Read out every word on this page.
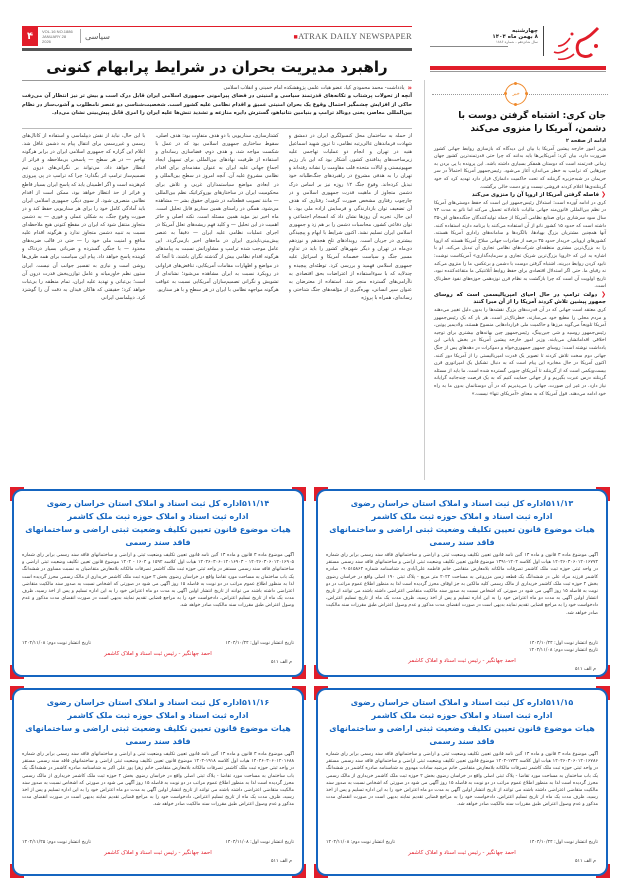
۴	VOL.16 NO.1886
JANUARY 28 2026
سیاسی	■ATRAK DAILY NEWSPAPER	چهارشنبه
۸ بهمن ماه ۱۴۰۴
سال شانزدهم - شماره ۱۸۸۶
راهبرد مدیریت بحران در شرایط پرابهام کنونی
«
یادداشت- محمد محمودی کیا، عضو هیات علمی پژوهشکده امام خمینی و انقلاب اسلامی

آنچه از تحولات پرشتاب و تکانه‌های قدرتمند سیاسی و امنیتی در فضای پیرامونی جمهوری اسلامی ایران قابل درک است و بیش تر نیز انتظار آن می‌رفت حاکی از افزایش چشمگیر احتمال وقوع یک بحران امنیتی عمیق و اقدام نظامی علیه کشور است. شخصیت‌شناسی دو عنصر نامطلوب و آشوب‌ساز در نظام بین‌المللی معاصر، یعنی دونالد ترامپ و بنیامین نتانیاهو، گسترش دایره منازعه و تشدید تنش‌ها علیه ایران را امری قابل پیش‌بینی نشان می‌داد.

از حمله به ساختمان محل کنسولگری ایران در دمشق و شهادت فرماندهان عالی‌رتبه نظامی، تا ترور شهید اسماعیل هنیه در تهران و انجام دو عملیات تهاجمی علیه زیرساخت‌های پدافندی کشور، آشکار بود که این بار رژیم صهیونیستی و ایالات متحده قلب مقاومت را نشانه رفته‌اند و تهران را به هدفی مشروع در راهبردهای جنگ‌طلبانه خود تبدیل کرده‌اند. وقوع جنگ ۱۲ روزه نیز بر اساس درک دشمن متجاوز از ماهیت قدرت جمهوری اسلامی و در چارچوب رفتاری مشخص صورت گرفت؛ رفتاری که هدف آن تضعیف توان بازدارندگی و فرسایش اراده ملی بود. با این حال، تجربه آن روزها نشان داد که انسجام اجتماعی و توان دفاعی کشور، محاسبات دشمن را بر هم زد و جمهوری اسلامی ایران تسلیم نشد. اکنون شرایط با ابهام و پیچیدگی بیشتری در جریان است. رویدادهای تلخ هجدهم و نوزدهم دی‌ماه در تهران و دیگر شهرهای کشور را باید در تداوم مسیر جنگ و سیاست خصمانه آمریکا و اسرائیل علیه جمهوری اسلامی فهمید و بررسی کرد. توطئه‌ای پیچیده و چندلایه که با سوءاستفاده از اعتراضات بحق اقتصادی به ناآرامی‌های گسترده منجر شد. استفاده از معترضان به عنوان سپر انسانی، بهره‌گیری از مؤلفه‌های جنگ شناختی و رسانه‌ای، همراه با پروژه

کشتارسازی، سناریویی با دو هدف متفاوت بود: هدف اصلی، سقوط ساختاری جمهوری اسلامی بود که در عمل با شکست مواجه شد، و هدف دوم، فضاسازی رسانه‌ای و استفاده از ظرفیت نهادهای بین‌المللی برای تسهیل ایجاد اجماع جهانی علیه ایران به عنوان مقدمه‌ای برای اقدام نظامی مشروع علیه آن. آنچه امروز در سطح بین‌المللی و در ابعادی مواضع سیاستمداران غربی و تلاش برای محکومیت ایران در ساختارهای بوروکراتیک نظم بین‌المللی — مانند تصویب قطعنامه در شورای حقوق بشر — مشاهده می‌شود، همگی در راستای همین سناریو قابل تحلیل است. ماه اخیر نیز مؤید همین مسئله است. نکته اصلی و حائز اهمیت در این تحلیل — و کلید فهم ریشه‌های تعلل آمریکا در اجرای عملیات نظامی علیه ایران — دقیقاً به عنصر پیش‌بینی‌ناپذیری ایران در ماه‌های اخیر بازمی‌گردد. این عامل موجب شده ترامپ و مشاورانش نسبت به پیامدهای هرگونه اقدام نظامی بیش از گذشته نگران باشند، تا آنجا که در مواضع و اظهارات مقامات آمریکایی، تناقض‌های فراوانی در رویکرد نسبت به ایران مشاهده می‌شود؛ نشانه‌ای از تشویش و نگرانی تصمیم‌سازان آمریکایی نسبت به عواقب هرگونه مواجهه نظامی با ایران در هر سطح و با هر سناریو.

با این حال، نباید از نقش دیپلماسی و استفاده از کانال‌های رسمی و غیررسمی برای انتقال پیام به دشمن غافل شد. اعلام این گزاره که جمهوری اسلامی ایران در برابر هرگونه تهاجم — در هر سطح — پاسخی بی‌ملاحظه و فراتر از انتظار خواهد داد، می‌تواند بر نگرانی‌های درون تیم تصمیم‌ساز ترامپ اثر بگذارد؛ چرا که ترامپ در پی پیروزی کم‌هزینه است و اگر اطمینان یابد که پاسخ ایران بسیار قاطع و فراتر از حد انتظار خواهد بود، ممکن است از اقدام نظامی منصرف شود. از سوی دیگر، جمهوری اسلامی ایران باید آمادگی کامل خود را برای هر سناریویی حفظ کند و در صورت وقوع جنگ، به شکلی عملی و فوری — به دشمن متجاوز منتقل شود که ایران در مقطع کنونی هیچ ملاحظه‌ای نسبت به تنبیه دشمن متجاوز ندارد و هرگونه اقدام علیه منافع و امنیت ملی خود را — حتی در قالب ضربه‌های محدود — با جنگی گسترده و ضرباتی بسیار دردناک و کوبنده پاسخ خواهد داد. پیام این سیاست برای همه طرف‌ها روشن است و نیازی به تفسیر جوانب آن نیست. ایران ستون نظم خاورمیانه و عامل توازن‌بخش قدرت درون آن است؛ بی‌ثباتی و تهدید علیه ایران، تمام منطقه را بی‌ثبات خواهد کرد؛ حقیقتی که هاکان فیدان به دقت آن را گوشزد کرد. دیپلماسی ایرانی

خبر
جان کری: اشتباه گرفتن دوست با دشمن، آمریکا را منزوی می‌کند
ادامه از صفحه ۲

وزیر امور خارجه پیشین آمریکا با بیان این دیدگاه که بازسازی روابط جهانی کشور ضرورت دارد، بیان کرد: آمریکایی‌ها باید بدانند که چرا حتی قدرتمندترین کشور جهان زمانی قدرتمند است که دوستان همفکر بسیاری داشته باشد. این پرونده با پی بردن به چیزهایی که ترامپ به خطر می‌اندازد آغاز می‌شود. رئیس‌جمهور آمریکا احتمالاً در سر حریمان در شبه‌جزیره گرینلند که تحت حاکمیت دانمارک قرار دارد تهدید کرد که خود گرینلندی‌ها اعلام کردند فروشی نیست و تو دست خالی برگشت.

❮ فاصله گرفتن آمریکا از اروپا آن را منزوی می‌کند

کری در ادامه آورده است: استدلال رئیس‌جمهور این است که حفظ دوستی‌های آمریکا در نظم بین‌المللی قانون‌مند جهانی مالیات ناعادلانه تحمیل می‌کند اما ناتو به مدت ۷۴ سال سود سرشاری برای صنایع نظامی آمریکا از جمله تولیدکنندگان جنگنده‌های اف-۳۵ داشته است که حدود ۱۵ کشور ناتو از آن استفاده می‌کنند یا برنامه دارند استفاده کنند. آنها همچنین مشتریان بزرگ بهپادها، بالگردها و سامانه‌های راداری آمریکا هستند. کشورهای اروپایی خریدار حدود ۳۵ درصد از صادرات جهانی سلاح آمریکا هستند که اروپا را به بزرگ‌ترین مشتری منطقه‌ای شرکت‌های نظامی تجاری آن تبدیل می‌کند. او با اشاره به این که «اروپا بزرگ‌ترین شریک تجاری و سرمایه‌گذاری» آمریکاست نوشت: نابود کردن روابط دیرینه، اشتباه گرفتن دوست با دشمن و برعکس، ما را منزوی می‌کند نه رقبای ما. حتی اگر استدلال اقتصادی برای حفظ روابط آتلانتیکی ما متقاعدکننده نبود، تاریخ اولویت آن است که چرا بازگشت به نظام قرن نوزدهمی حوزه‌های نفوذ خطرناک است.

❮ دولت ترامپ در حال احیای امپریالیسمی است که روسای جمهور پیشین تلاش کردند آمریکا را از آن مبرا کنند

کری معتقد است جهانی که در آن قدرت‌های بزرگ نقشه‌ها را بدون دلیل تغییر می‌دهند و مردم محلی را مطیع خود می‌سازند، خطرناک‌تر است. هر بار که یک رئیس‌جمهور آمریکا تلویحاً می‌گوید مرزها و حاکمیت ملی قراردادهایی منسوخ هستند، ولادیمیر پوتین، رئیس‌جمهور روسیه و شی جین‌پینگ، رئیس‌جمهور چین بهانه‌های بیشتری برای توجیه اخلاقی اقداماتشان می‌یابند. وزیر امور خارجه پیشین آمریکا در بخش پایانی این یادداشت نوشته است: روسای جمهور جمهوری‌خواه و دموکرات در دهه‌های پس از جنگ جهانی دوم سخت تلاش کردند تا تصویر یک قدرت امپریالیستی را از آمریکا دور کنند. اکنون آمریکا در حال مخابره این پیام است که به دنبال تشکیل یک امپراتوری قرن بیست‌ویکمی است که از گرینلند تا آمریکای جنوبی گسترده شده است. ما باید از مسئله گرینلند درس عبرت بگیریم و از جهانی حمایت کنیم که به یک فرصت چندجانبه گرایانه نیاز دارد. در غیر این صورت، جهانی را می‌پذیریم که در آن دوستانمان بدون ما به راه خود ادامه می‌دهند. قول آمریکا که به معنای «آمریکای تنها» نیست.»

۵۱۱/۱۳اداره کل ثبت اسناد و املاک استان خراسان رضوی
اداره ثبت اسناد و املاک حوزه ثبت ملک کاشمر
هیات موضوع قانون تعیین تکلیف وضعیت ثبتی اراضی و ساختمانهای فاقد سند رسمی
آگهی موضوع ماده ۳ قانون و ماده ۱۳ آئین نامه قانون تعیین تکلیف وضعیت ثبتی و اراضی و ساختمانهای فاقد سند رسمی برابر رای شماره ۱۴۰۴۶۰۳۰۶۰۱۲۰۱۶۷۷۴ هیات اول کلاسه ۱۴۰۴-۱۳۹۱ موضوع قانون تعیین تکلیف وضعیت ثبتی اراضی و ساختمانهای فاقد سند رسمی مستقر در واحد ثبتی حوزه ثبت ملک کاشمر تصرفات مالکانه بلامعارض متقاضی خانم فاطمه علی‌آبادی به شناسنامه شماره ۰۹۰۵۱۵۸۶۲ صادره کاشمر فرزند مراد علی در ششدانگ یک قطعه زمین مزروعی به مساحت ۲۰۲۴ متر مربع - پلاک ثبتی ۱۹۰ اصلی واقع در خراسان رضوی بخش ۲ حوزه ثبت ملک کاشمر خریداری از مالک رسمی کلیه مالکین به جز اوقاف محرز گردیده است لذا به منظور اطلاع عموم مراتب در دو نوبت به فاصله ۱۵ روز آگهی می شود در صورتی که اشخاص نسبت به صدور سند مالکیت متقاضی اعتراضی داشته باشند می توانند از تاریخ انتشار اولین آگهی به مدت دو ماه اعتراض خود را به این اداره تسلیم و پس از اخذ رسید، ظرف مدت یک ماه از تاریخ تسلیم اعتراض، دادخواست خود را به مراجع قضایی تقدیم نمایند بدیهی است در صورت انقضای مدت مذکور و عدم وصول اعتراض طبق مقررات سند مالکیت صادر خواهد شد.
تاریخ انتشار نوبت اول: ۱۴۰۴/۱۰/۲۴
تاریخ انتشار نوبت دوم: ۱۴۰۴/۱۱/۰۸
احمد جهانگیر - رئیس ثبت اسناد و املاک کاشمر
م الف ۵۱۱
۵۱۱/۱۴اداره کل ثبت اسناد و املاک استان خراسان رضوی
اداره ثبت اسناد و املاک حوزه ثبت ملک کاشمر
هیات موضوع قانون تعیین تکلیف وضعیت ثبتی اراضی و ساختمانهای فاقد سند رسمی
آگهی موضوع ماده ۳ قانون و ماده ۱۳ آئین نامه قانون تعیین تکلیف وضعیت ثبتی و اراضی و ساختمانهای فاقد سند رسمی برابر رای شماره ۱۴۰۴۶۰۳۰۶۰۱۲۰۱۶۹۰۵ - ۱۴۰۴۶۰۳۰۶۰۱۲۰۱۶۹۰۳ هیات اول کلاسه ۱۵۹۲ و ۱۶۰۴ - ۱۴۰۴ موضوع قانون تعیین تکلیف وضعیت ثبتی اراضی و ساختمانهای فاقد سند رسمی مستقر در واحد ثبتی حوزه ثبت ملک کاشمر تصرفات مالکانه بلامعارض متقاضیان به نسبت مساوی در ششدانگ یک باب ساختمان به مساحت مورد تقاضا واقع در خراسان رضوی بخش ۲ حوزه ثبت ملک کاشمر خریداری از مالک رسمی محرز گردیده است لذا به منظور اطلاع عموم مراتب در دو نوبت به فاصله ۱۵ روز آگهی می شود در صورتی که اشخاص نسبت به صدور سند مالکیت متقاضی اعتراضی داشته باشند می توانند از تاریخ انتشار اولین آگهی به مدت دو ماه اعتراض خود را به این اداره تسلیم و پس از اخذ رسید، ظرف مدت یک ماه از تاریخ تسلیم اعتراض، دادخواست خود را به مراجع قضایی تقدیم نمایند بدیهی است در صورت انقضای مدت مذکور و عدم وصول اعتراض طبق مقررات سند مالکیت صادر خواهد شد.
تاریخ انتشار نوبت اول: ۱۴۰۴/۱۰/۲۴
تاریخ انتشار نوبت دوم: ۱۴۰۴/۱۱/۰۸
احمد جهانگیر - رئیس ثبت اسناد و املاک کاشمر
م الف ۵۱۱
۵۱۱/۱۵اداره کل ثبت اسناد و املاک استان خراسان رضوی
اداره ثبت اسناد و املاک حوزه ثبت ملک کاشمر
هیات موضوع قانون تعیین تکلیف وضعیت ثبتی اراضی و ساختمانهای فاقد سند رسمی
آگهی موضوع ماده ۳ قانون و ماده ۱۳ آئین نامه قانون تعیین تکلیف وضعیت ثبتی و اراضی و ساختمانهای فاقد سند رسمی برابر رای شماره ۱۴۰۴۶۰۳۰۶۰۱۲۰۱۶۷۸۶ هیات اول کلاسه ۱۷۳۲-۱۴۰۴ موضوع قانون تعیین تکلیف وضعیت ثبتی اراضی و ساختمانهای فاقد سند رسمی مستقر در واحد ثبتی حوزه ثبت ملک کاشمر تصرفات مالکانه بلامعارض متقاضی خانم مرضیه سادات مهدوی به شناسنامه صادره کاشمر در ششدانگ یک باب ساختمان به مساحت مورد تقاضا - پلاک ثبتی اصلی واقع در خراسان رضوی بخش ۲ حوزه ثبت ملک کاشمر خریداری از مالک رسمی محرز گردیده است لذا به منظور اطلاع عموم مراتب در دو نوبت به فاصله ۱۵ روز آگهی می شود در صورتی که اشخاص نسبت به صدور سند مالکیت متقاضی اعتراضی داشته باشند می توانند از تاریخ انتشار اولین آگهی به مدت دو ماه اعتراض خود را به این اداره تسلیم و پس از اخذ رسید، ظرف مدت یک ماه از تاریخ تسلیم اعتراض، دادخواست خود را به مراجع قضایی تقدیم نمایند بدیهی است در صورت انقضای مدت مذکور و عدم وصول اعتراض طبق مقررات سند مالکیت صادر خواهد شد.
تاریخ انتشار نوبت اول: ۱۴۰۴/۱۰/۲۴
تاریخ انتشار نوبت دوم: ۱۴۰۴/۱۱/۰۸
احمد جهانگیر - رئیس ثبت اسناد و املاک کاشمر
م الف ۵۱۱
۵۱۱/۱۶اداره کل ثبت اسناد و املاک استان خراسان رضوی
اداره ثبت اسناد و املاک حوزه ثبت ملک کاشمر
هیات موضوع قانون تعیین تکلیف وضعیت ثبتی اراضی و ساختمانهای فاقد سند رسمی
آگهی موضوع ماده ۳ قانون و ماده ۱۳ آئین نامه قانون تعیین تکلیف وضعیت ثبتی و اراضی و ساختمانهای فاقد سند رسمی برابر رای شماره ۱۴۰۴۶۰۳۰۶۰۱۲۰۱۶۸۸ هیات اول کلاسه ۱۹۱۸-۱۴۰۴ موضوع قانون تعیین تکلیف وضعیت ثبتی اراضی و ساختمانهای فاقد سند رسمی مستقر در واحد ثبتی حوزه ثبت ملک کاشمر تصرفات مالکانه بلامعارض متقاضی خانم زهرا پور علی اکبر به شناسنامه صادره کاشمر در ششدانگ یک باب ساختمان به مساحت مورد تقاضا - پلاک ثبتی اصلی واقع در خراسان رضوی بخش ۲ حوزه ثبت ملک کاشمر خریداری از مالک رسمی محرز گردیده است لذا به منظور اطلاع عموم مراتب در دو نوبت به فاصله ۱۵ روز آگهی می شود در صورتی که اشخاص نسبت به صدور سند مالکیت متقاضی اعتراضی داشته باشند می توانند از تاریخ انتشار اولین آگهی به مدت دو ماه اعتراض خود را به این اداره تسلیم و پس از اخذ رسید، ظرف مدت یک ماه از تاریخ تسلیم اعتراض، دادخواست خود را به مراجع قضایی تقدیم نمایند بدیهی است در صورت انقضای مدت مذکور و عدم وصول اعتراض طبق مقررات سند مالکیت صادر خواهد شد.
تاریخ انتشار نوبت اول: ۱۴۰۴/۱۱/۰۸
تاریخ انتشار نوبت دوم: ۱۴۰۴/۱۱/۲۵
احمد جهانگیر - رئیس ثبت اسناد و املاک کاشمر
م الف ۵۱۱
